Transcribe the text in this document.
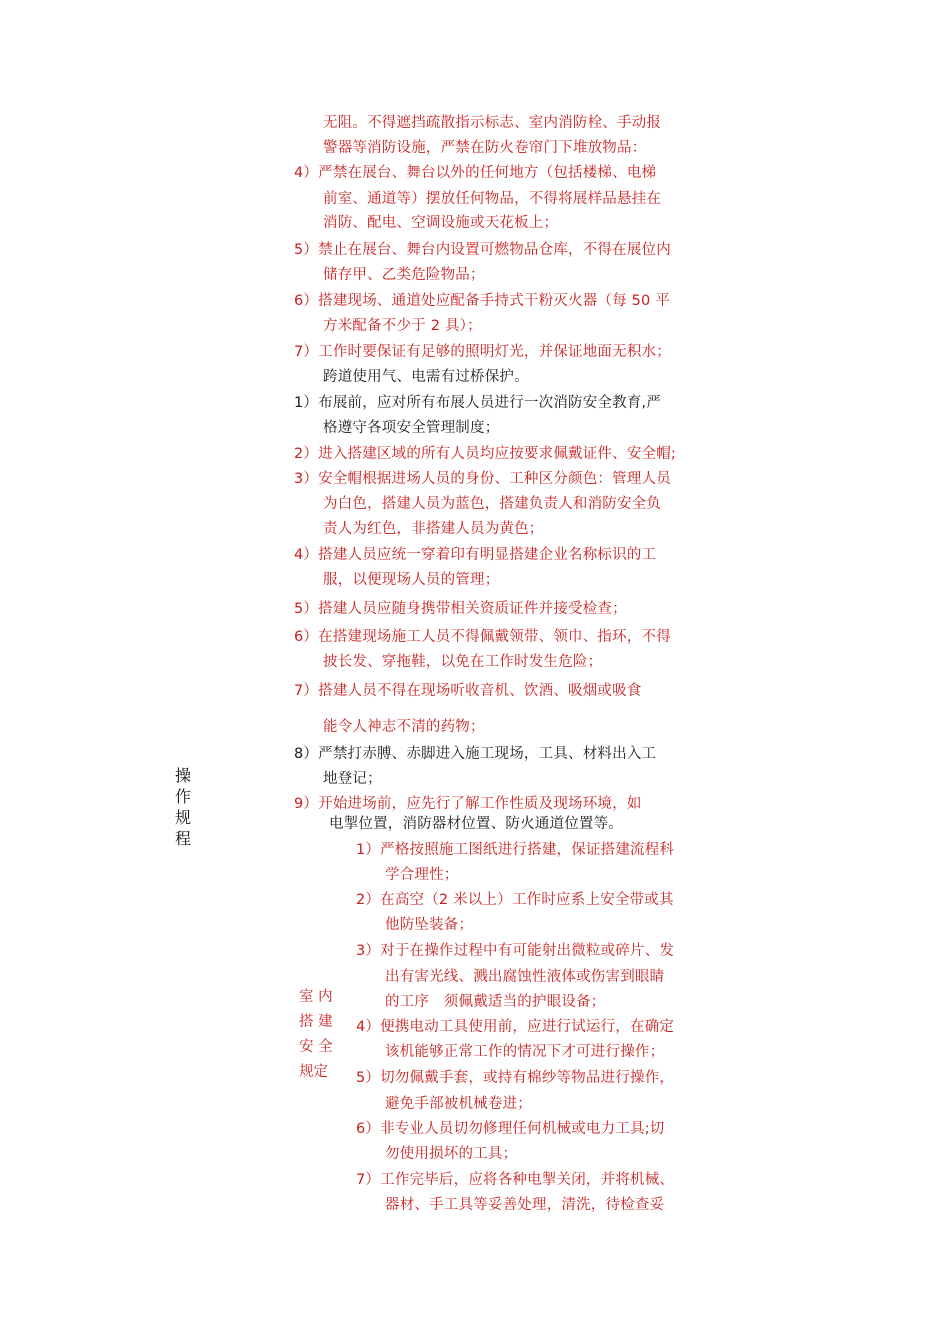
操
作
规
程
室 内
搭 建
安 全
规定
无阻。不得遮挡疏散指示标志、室内消防栓、手动报
警器等消防设施，严禁在防火卷帘门下堆放物品：
4）严禁在展台、舞台以外的任何地方（包括楼梯、电梯
前室、通道等）摆放任何物品，不得将展样品悬挂在
消防、配电、空调设施或天花板上；
5）禁止在展台、舞台内设置可燃物品仓库，不得在展位内
储存甲、乙类危险物品；
6）搭建现场、通道处应配备手持式干粉灭火器（每 50 平
方米配备不少于 2 具）；
7）工作时要保证有足够的照明灯光，并保证地面无积水；
跨道使用气、电需有过桥保护。
1）布展前，应对所有布展人员进行一次消防安全教育,严
格遵守各项安全管理制度；
2）进入搭建区域的所有人员均应按要求佩戴证件、安全帽;
3）安全帽根据进场人员的身份、工种区分颜色：管理人员
为白色，搭建人员为蓝色，搭建负责人和消防安全负
责人为红色，非搭建人员为黄色；
4）搭建人员应统一穿着印有明显搭建企业名称标识的工
服，以便现场人员的管理；
5）搭建人员应随身携带相关资质证件并接受检查；
6）在搭建现场施工人员不得佩戴领带、领巾、指环，不得
披长发、穿拖鞋，以免在工作时发生危险；
7）搭建人员不得在现场听收音机、饮酒、吸烟或吸食
能令人神志不清的药物；
8）严禁打赤膊、赤脚进入施工现场，工具、材料出入工
地登记；
9）开始进场前，应先行了解工作性质及现场环境，如
电掣位置，消防器材位置、防火通道位置等。
1）严格按照施工图纸进行搭建，保证搭建流程科
学合理性；
2）在高空（2 米以上）工作时应系上安全带或其
他防坠装备；
3）对于在操作过程中有可能射出微粒或碎片、发
出有害光线、溅出腐蚀性液体或伤害到眼睛
的工序　须佩戴适当的护眼设备；
4）便携电动工具使用前，应进行试运行，在确定
该机能够正常工作的情况下才可进行操作；
5）切勿佩戴手套，或持有棉纱等物品进行操作，
避免手部被机械卷进；
6）非专业人员切勿修理任何机械或电力工具;切
勿使用损坏的工具；
7）工作完毕后，应将各种电掣关闭，并将机械、
器材、手工具等妥善处理，清洗，待检查妥
